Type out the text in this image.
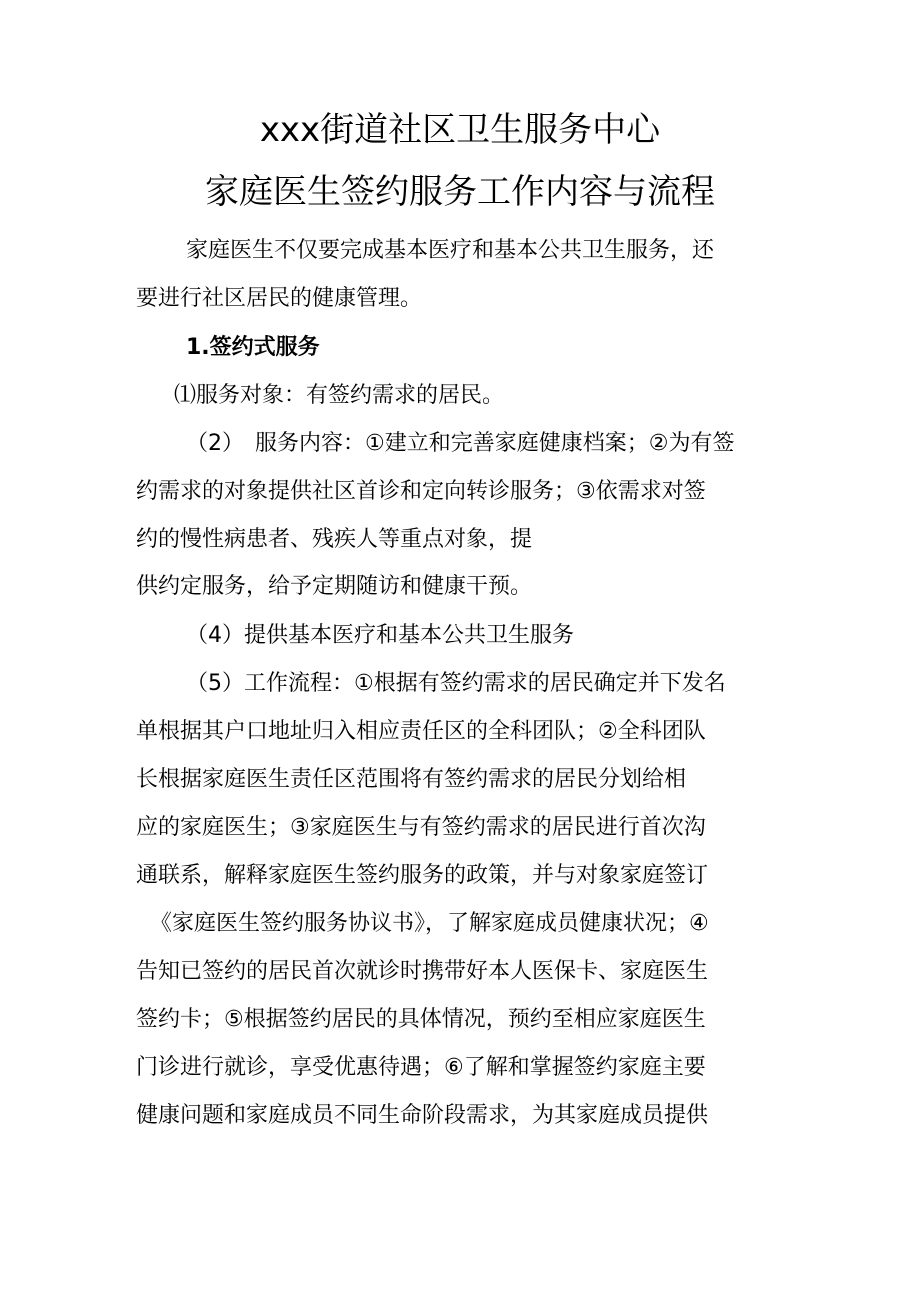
xxx街道社区卫生服务中心
家庭医生签约服务工作内容与流程
家庭医生不仅要完成基本医疗和基本公共卫生服务，还
要进行社区居民的健康管理。
1.签约式服务
⑴服务对象：有签约需求的居民。
（2）　服务内容：①建立和完善家庭健康档案；②为有签
约需求的对象提供社区首诊和定向转诊服务；③依需求对签
约的慢性病患者、残疾人等重点对象，提
供约定服务，给予定期随访和健康干预。
（4）提供基本医疗和基本公共卫生服务
（5）工作流程：①根据有签约需求的居民确定并下发名
单根据其户口地址归入相应责任区的全科团队；②全科团队
长根据家庭医生责任区范围将有签约需求的居民分划给相
应的家庭医生；③家庭医生与有签约需求的居民进行首次沟
通联系，解释家庭医生签约服务的政策，并与对象家庭签订
《家庭医生签约服务协议书》，了解家庭成员健康状况；④
告知已签约的居民首次就诊时携带好本人医保卡、家庭医生
签约卡；⑤根据签约居民的具体情况，预约至相应家庭医生
门诊进行就诊，享受优惠待遇；⑥了解和掌握签约家庭主要
健康问题和家庭成员不同生命阶段需求，为其家庭成员提供
